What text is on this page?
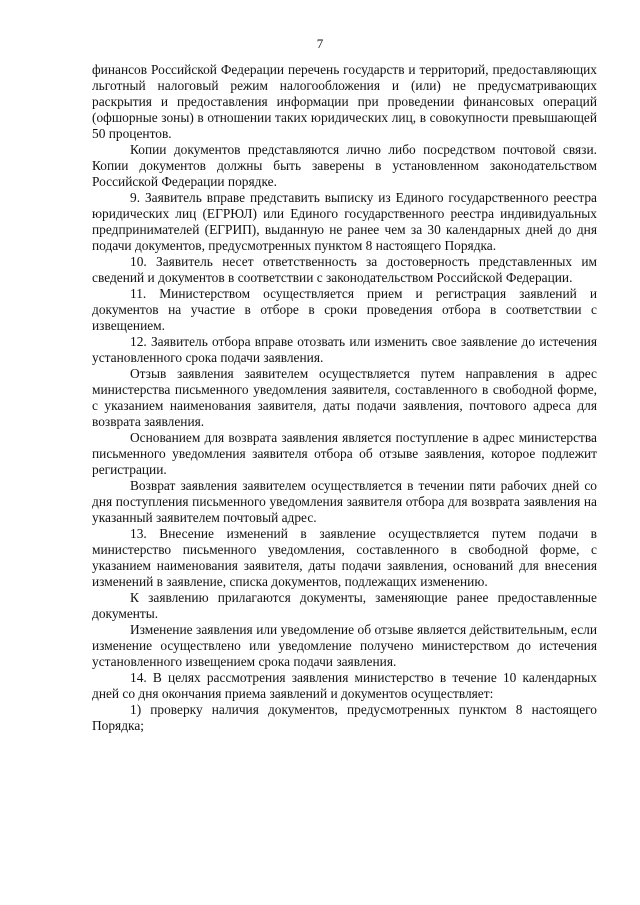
7

финансов Российской Федерации перечень государств и территорий, предоставляющих льготный налоговый режим налогообложения и (или) не предусматривающих раскрытия и предоставления информации при проведении финансовых операций (офшорные зоны) в отношении таких юридических лиц, в совокупности превышающей 50 процентов.

Копии документов представляются лично либо посредством почтовой связи. Копии документов должны быть заверены в установленном законодательством Российской Федерации порядке.

9. Заявитель вправе представить выписку из Единого государственного реестра юридических лиц (ЕГРЮЛ) или Единого государственного реестра индивидуальных предпринимателей (ЕГРИП), выданную не ранее чем за 30 календарных дней до дня подачи документов, предусмотренных пунктом 8 настоящего Порядка.

10. Заявитель несет ответственность за достоверность представленных им сведений и документов в соответствии с законодательством Российской Федерации.

11. Министерством осуществляется прием и регистрация заявлений и документов на участие в отборе в сроки проведения отбора в соответствии с извещением.

12. Заявитель отбора вправе отозвать или изменить свое заявление до истечения установленного срока подачи заявления.

Отзыв заявления заявителем осуществляется путем направления в адрес министерства письменного уведомления заявителя, составленного в свободной форме, с указанием наименования заявителя, даты подачи заявления, почтового адреса для возврата заявления.

Основанием для возврата заявления является поступление в адрес министерства письменного уведомления заявителя отбора об отзыве заявления, которое подлежит регистрации.

Возврат заявления заявителем осуществляется в течении пяти рабочих дней со дня поступления письменного уведомления заявителя отбора для возврата заявления на указанный заявителем почтовый адрес.

13. Внесение изменений в заявление осуществляется путем подачи в министерство письменного уведомления, составленного в свободной форме, с указанием наименования заявителя, даты подачи заявления, оснований для внесения изменений в заявление, списка документов, подлежащих изменению.

К заявлению прилагаются документы, заменяющие ранее предоставленные документы.

Изменение заявления или уведомление об отзыве является действительным, если изменение осуществлено или уведомление получено министерством до истечения установленного извещением срока подачи заявления.

14. В целях рассмотрения заявления министерство в течение 10 календарных дней со дня окончания приема заявлений и документов осуществляет:

1) проверку наличия документов, предусмотренных пунктом 8 настоящего Порядка;
